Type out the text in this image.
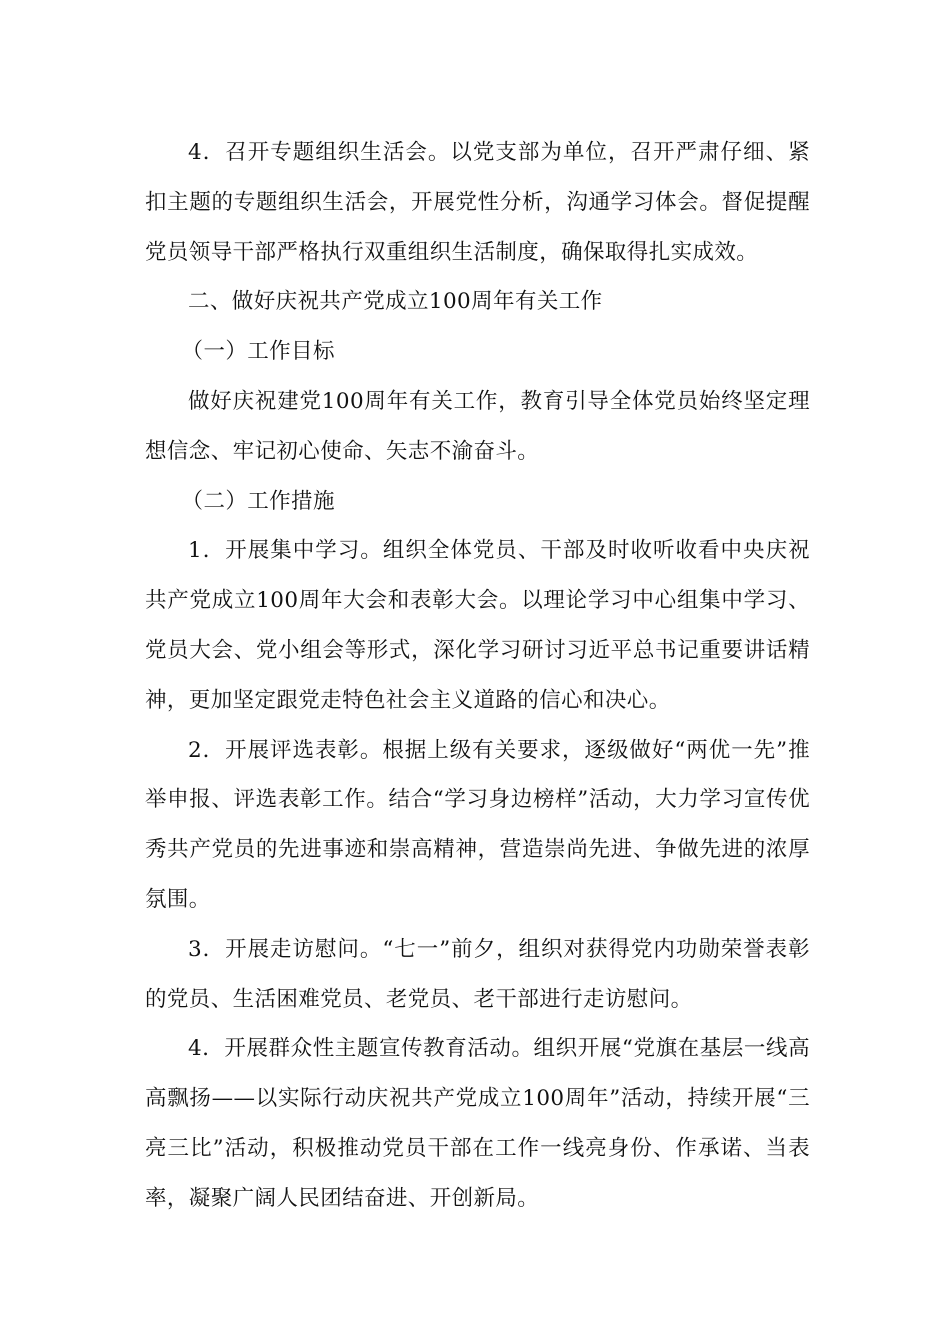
4．召开专题组织生活会。以党支部为单位，召开严肃仔细、紧扣主题的专题组织生活会，开展党性分析，沟通学习体会。督促提醒党员领导干部严格执行双重组织生活制度，确保取得扎实成效。

二、做好庆祝共产党成立100周年有关工作

（一）工作目标

做好庆祝建党100周年有关工作，教育引导全体党员始终坚定理想信念、牢记初心使命、矢志不渝奋斗。

（二）工作措施

1．开展集中学习。组织全体党员、干部及时收听收看中央庆祝共产党成立100周年大会和表彰大会。以理论学习中心组集中学习、党员大会、党小组会等形式，深化学习研讨习近平总书记重要讲话精神，更加坚定跟党走特色社会主义道路的信心和决心。

2．开展评选表彰。根据上级有关要求，逐级做好“两优一先”推举申报、评选表彰工作。结合“学习身边榜样”活动，大力学习宣传优秀共产党员的先进事迹和崇高精神，营造崇尚先进、争做先进的浓厚氛围。

3．开展走访慰问。“七一”前夕，组织对获得党内功勋荣誉表彰的党员、生活困难党员、老党员、老干部进行走访慰问。

4．开展群众性主题宣传教育活动。组织开展“党旗在基层一线高高飘扬——以实际行动庆祝共产党成立100周年”活动，持续开展“三亮三比”活动，积极推动党员干部在工作一线亮身份、作承诺、当表率，凝聚广阔人民团结奋进、开创新局。
